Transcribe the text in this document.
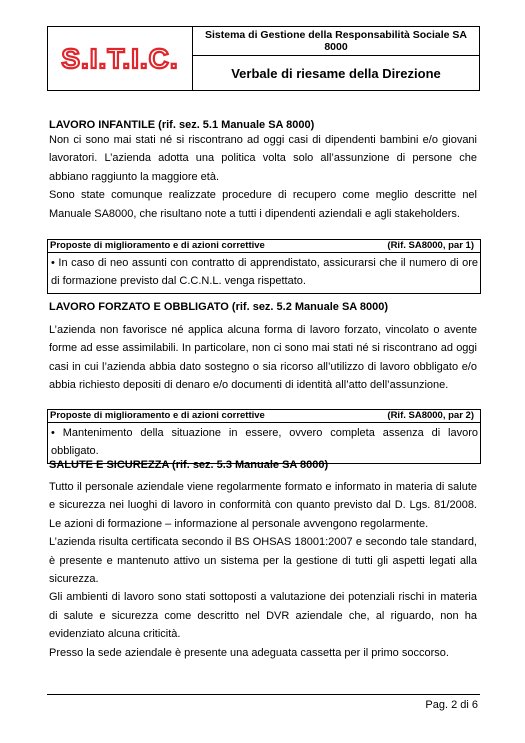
S.I.T.I.C.
Sistema di Gestione della Responsabilità Sociale SA 8000
Verbale di riesame della Direzione
LAVORO INFANTILE (rif. sez. 5.1 Manuale SA 8000)

Non ci sono mai stati né si riscontrano ad oggi casi di dipendenti bambini e/o giovani lavoratori. L’azienda adotta una politica volta solo all’assunzione di persone che abbiano raggiunto la maggiore età.

Sono state comunque realizzate procedure di recupero come meglio descritte nel Manuale SA8000, che risultano note a tutti i dipendenti aziendali e agli stakeholders.

Proposte di miglioramento e di azioni correttive	(Rif. SA8000, par 1)
• In caso di neo assunti con contratto di apprendistato, assicurarsi che il numero di ore di formazione previsto dal C.C.N.L. venga rispettato.
LAVORO FORZATO E OBBLIGATO (rif. sez. 5.2 Manuale SA 8000)

L’azienda non favorisce né applica alcuna forma di lavoro forzato, vincolato o avente forme ad esse assimilabili. In particolare, non ci sono mai stati né si riscontrano ad oggi casi in cui l’azienda abbia dato sostegno o sia ricorso all’utilizzo di lavoro obbligato e/o abbia richiesto depositi di denaro e/o documenti di identità all’atto dell’assunzione.

Proposte di miglioramento e di azioni correttive	(Rif. SA8000, par 2)
• Mantenimento della situazione in essere, ovvero completa assenza di lavoro obbligato.
SALUTE E SICUREZZA (rif. sez. 5.3 Manuale SA 8000)

Tutto il personale aziendale viene regolarmente formato e informato in materia di salute e sicurezza nei luoghi di lavoro in conformità con quanto previsto dal D. Lgs. 81/2008. Le azioni di formazione – informazione al personale avvengono regolarmente.

L’azienda risulta certificata secondo il BS OHSAS 18001:2007 e secondo tale standard, è presente e mantenuto attivo un sistema per la gestione di tutti gli aspetti legati alla sicurezza.

Gli ambienti di lavoro sono stati sottoposti a valutazione dei potenziali rischi in materia di salute e sicurezza come descritto nel DVR aziendale che, al riguardo, non ha evidenziato alcuna criticità.

Presso la sede aziendale è presente una adeguata cassetta per il primo soccorso.

Pag. 2 di 6
